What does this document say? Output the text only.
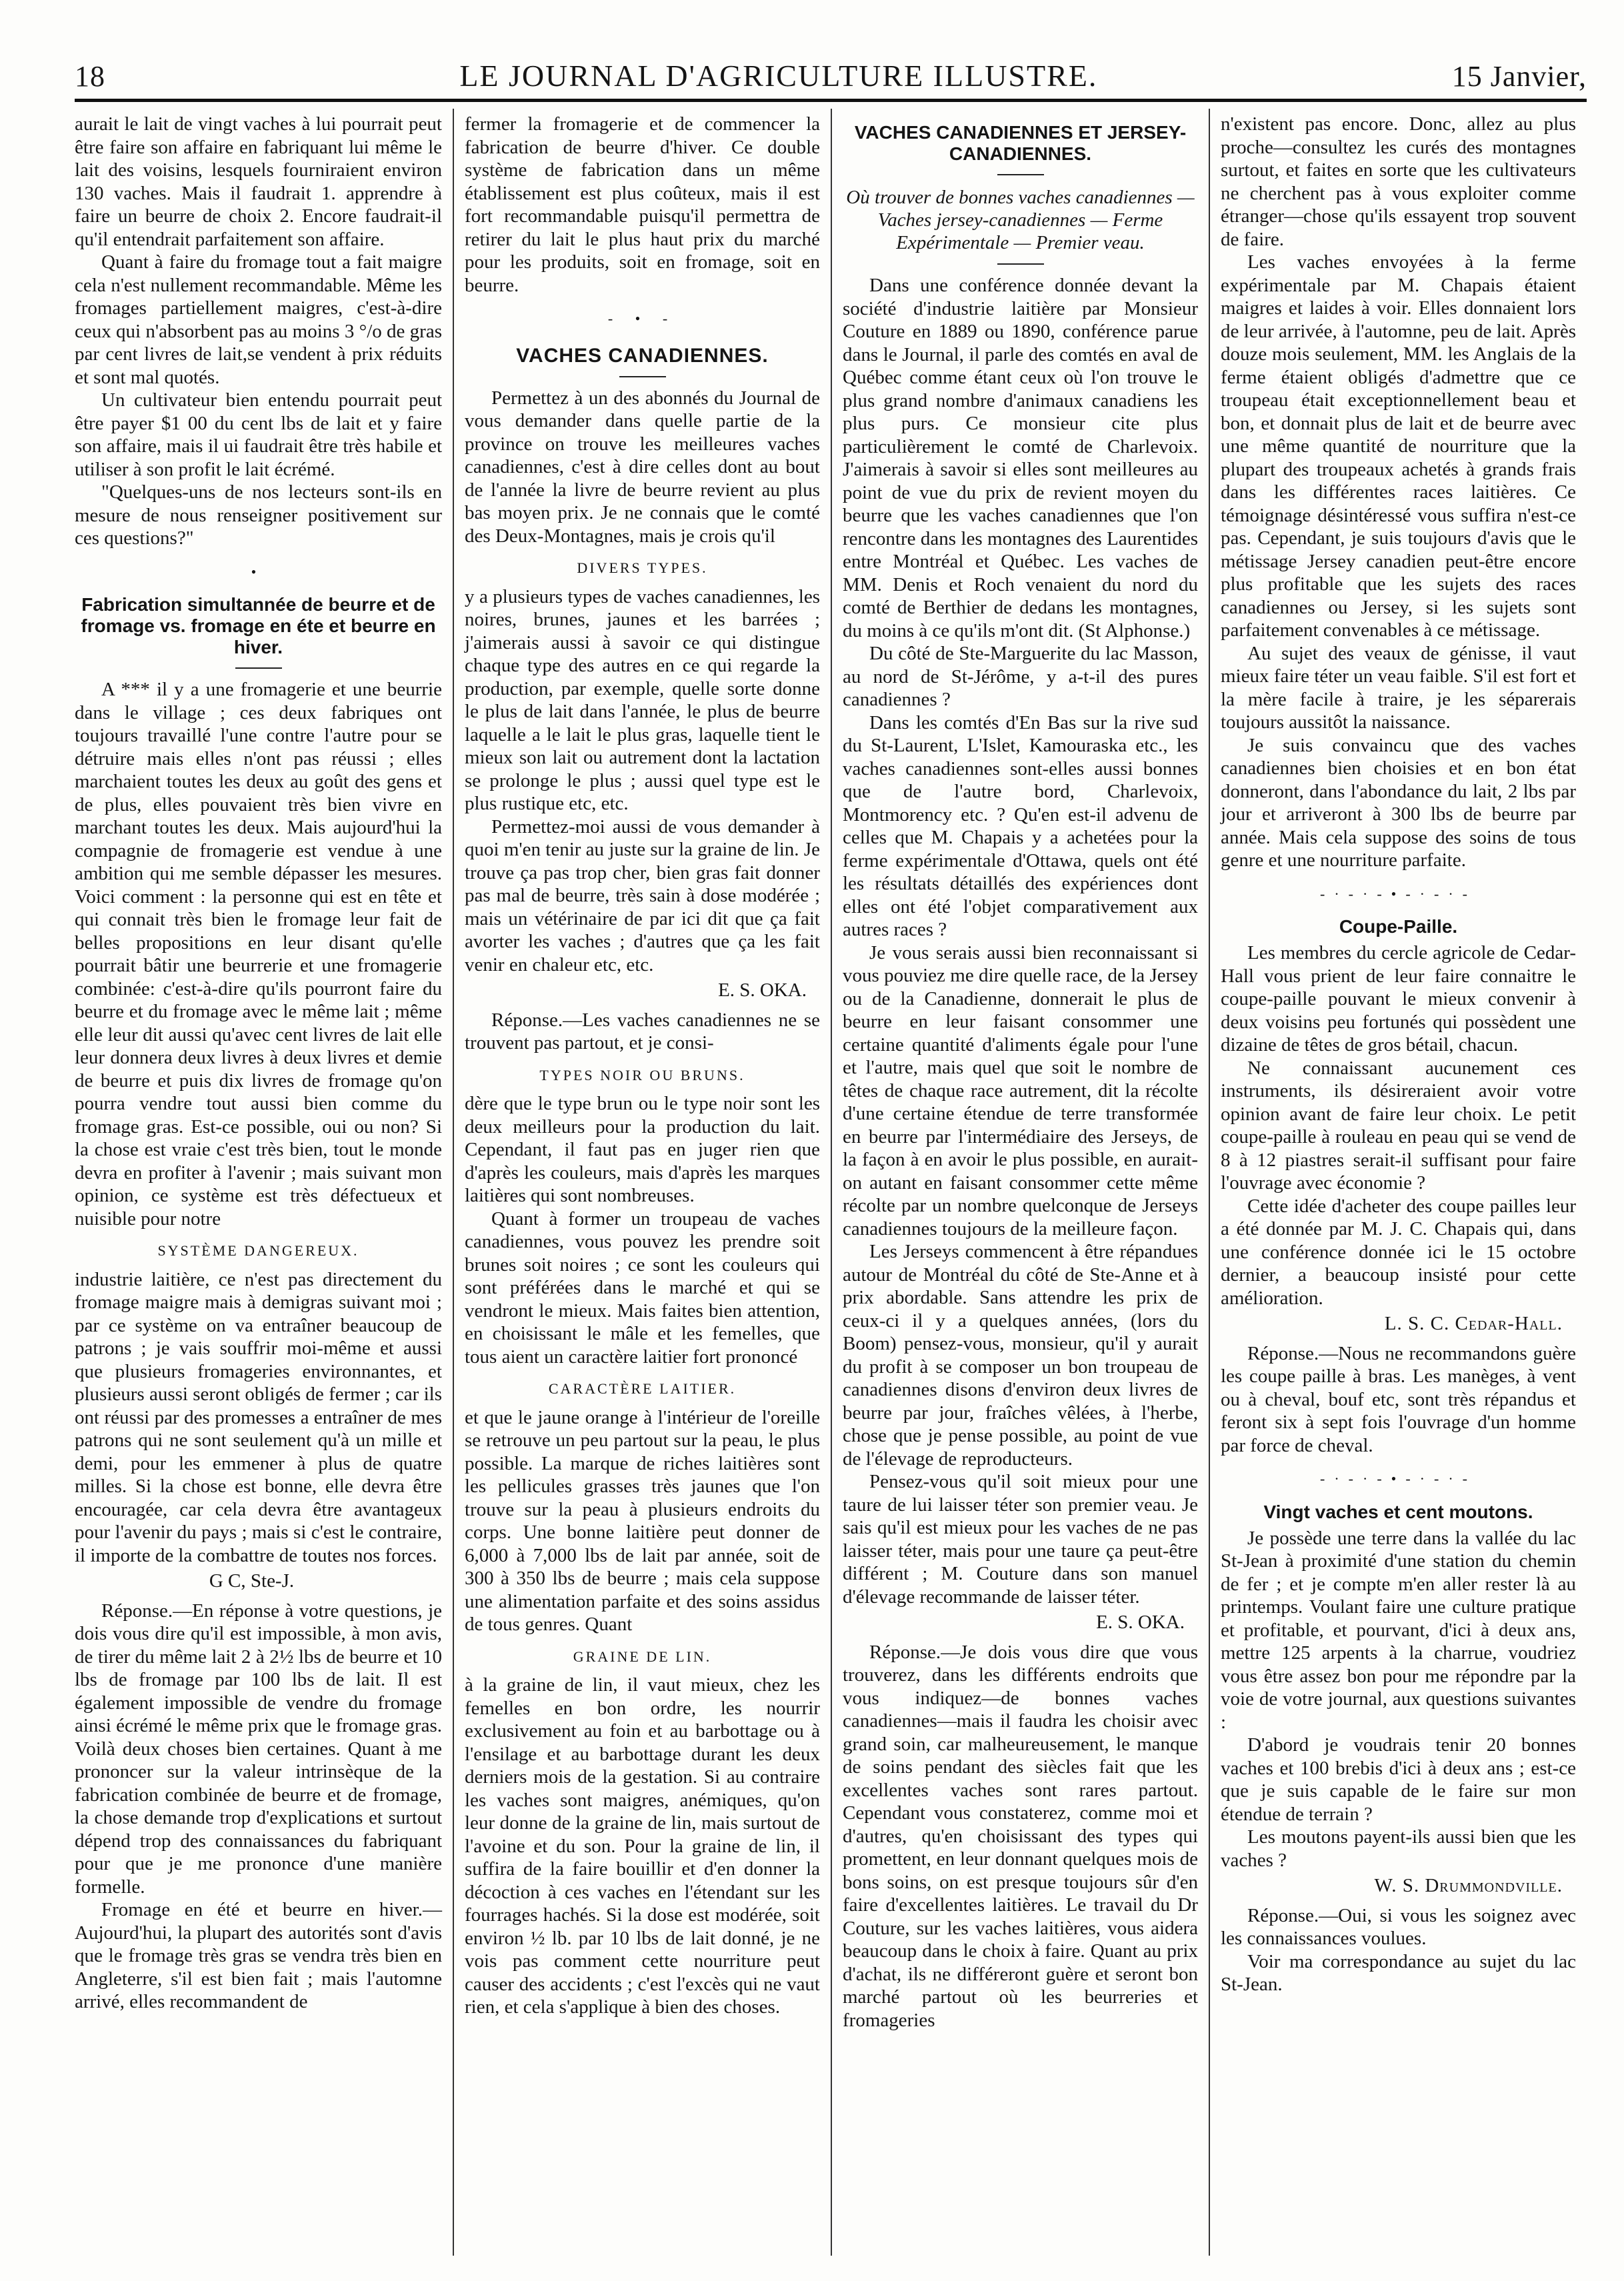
18	LE JOURNAL D'AGRICULTURE ILLUSTRE.	15 Janvier,

aurait le lait de vingt vaches à lui pourrait peut être faire son affaire en fabriquant lui même le lait des voisins, lesquels fourniraient environ 130 vaches. Mais il faudrait 1. apprendre à faire un beurre de choix 2. Encore faudrait-il qu'il entendrait parfaitement son affaire.

Quant à faire du fromage tout a fait maigre cela n'est nullement recommandable. Même les fromages partiellement maigres, c'est-à-dire ceux qui n'absorbent pas au moins 3 °/o de gras par cent livres de lait,se vendent à prix réduits et sont mal quotés.

Un cultivateur bien entendu pourrait peut être payer $1 00 du cent lbs de lait et y faire son affaire, mais il ui faudrait être très habile et utiliser à son profit le lait écrémé.

"Quelques-uns de nos lecteurs sont-ils en mesure de nous renseigner positivement sur ces questions?"

•
Fabrication simultannée de beurre et de fromage vs. fromage en éte et beurre en hiver.

A *** il y a une fromagerie et une beurrie dans le village ; ces deux fabriques ont toujours travaillé l'une contre l'autre pour se détruire mais elles n'ont pas réussi ; elles marchaient toutes les deux au goût des gens et de plus, elles pouvaient très bien vivre en marchant toutes les deux. Mais aujourd'hui la compagnie de fromagerie est vendue à une ambition qui me semble dépasser les mesures. Voici comment : la personne qui est en tête et qui connait très bien le fromage leur fait de belles propositions en leur disant qu'elle pourrait bâtir une beurrerie et une fromagerie combinée: c'est-à-dire qu'ils pourront faire du beurre et du fromage avec le même lait ; même elle leur dit aussi qu'avec cent livres de lait elle leur donnera deux livres à deux livres et demie de beurre et puis dix livres de fromage qu'on pourra vendre tout aussi bien comme du fromage gras. Est-ce possible, oui ou non? Si la chose est vraie c'est très bien, tout le monde devra en profiter à l'avenir ; mais suivant mon opinion, ce système est très défectueux et nuisible pour notre

SYSTÈME DANGEREUX.

industrie laitière, ce n'est pas directement du fromage maigre mais à demigras suivant moi ; par ce système on va entraîner beaucoup de patrons ; je vais souffrir moi-même et aussi que plusieurs fromageries environnantes, et plusieurs aussi seront obligés de fermer ; car ils ont réussi par des promesses a entraîner de mes patrons qui ne sont seulement qu'à un mille et demi, pour les emmener à plus de quatre milles. Si la chose est bonne, elle devra être encouragée, car cela devra être avantageux pour l'avenir du pays ; mais si c'est le contraire, il importe de la combattre de toutes nos forces.

G C, Ste-J.

Réponse.—En réponse à votre questions, je dois vous dire qu'il est impossible, à mon avis, de tirer du même lait 2 à 2½ lbs de beurre et 10 lbs de fromage par 100 lbs de lait. Il est également impossible de vendre du fromage ainsi écrémé le même prix que le fromage gras. Voilà deux choses bien certaines. Quant à me prononcer sur la valeur intrinsèque de la fabrication combinée de beurre et de fromage, la chose demande trop d'explications et surtout dépend trop des connaissances du fabriquant pour que je me prononce d'une manière formelle.

Fromage en été et beurre en hiver.—Aujourd'hui, la plupart des autorités sont d'avis que le fromage très gras se vendra très bien en Angleterre, s'il est bien fait ; mais l'automne arrivé, elles recommandent de

fermer la fromagerie et de commencer la fabrication de beurre d'hiver. Ce double système de fabrication dans un même établissement est plus coûteux, mais il est fort recommandable puisqu'il permettra de retirer du lait le plus haut prix du marché pour les produits, soit en fromage, soit en beurre.

- • -
VACHES CANADIENNES.

Permettez à un des abonnés du Journal de vous demander dans quelle partie de la province on trouve les meilleures vaches canadiennes, c'est à dire celles dont au bout de l'année la livre de beurre revient au plus bas moyen prix. Je ne connais que le comté des Deux-Montagnes, mais je crois qu'il

DIVERS TYPES.

y a plusieurs types de vaches canadiennes, les noires, brunes, jaunes et les barrées ; j'aimerais aussi à savoir ce qui distingue chaque type des autres en ce qui regarde la production, par exemple, quelle sorte donne le plus de lait dans l'année, le plus de beurre laquelle a le lait le plus gras, laquelle tient le mieux son lait ou autrement dont la lactation se prolonge le plus ; aussi quel type est le plus rustique etc, etc.

Permettez-moi aussi de vous demander à quoi m'en tenir au juste sur la graine de lin. Je trouve ça pas trop cher, bien gras fait donner pas mal de beurre, très sain à dose modérée ; mais un vétérinaire de par ici dit que ça fait avorter les vaches ; d'autres que ça les fait venir en chaleur etc, etc.

E. S. OKA.

Réponse.—Les vaches canadiennes ne se trouvent pas partout, et je consi-

TYPES NOIR OU BRUNS.

dère que le type brun ou le type noir sont les deux meilleurs pour la production du lait. Cependant, il faut pas en juger rien que d'après les couleurs, mais d'après les marques laitières qui sont nombreuses.

Quant à former un troupeau de vaches canadiennes, vous pouvez les prendre soit brunes soit noires ; ce sont les couleurs qui sont préférées dans le marché et qui se vendront le mieux. Mais faites bien attention, en choisissant le mâle et les femelles, que tous aient un caractère laitier fort prononcé

CARACTÈRE LAITIER.

et que le jaune orange à l'intérieur de l'oreille se retrouve un peu partout sur la peau, le plus possible. La marque de riches laitières sont les pellicules grasses très jaunes que l'on trouve sur la peau à plusieurs endroits du corps. Une bonne laitière peut donner de 6,000 à 7,000 lbs de lait par année, soit de 300 à 350 lbs de beurre ; mais cela suppose une alimentation parfaite et des soins assidus de tous genres. Quant

GRAINE DE LIN.

à la graine de lin, il vaut mieux, chez les femelles en bon ordre, les nourrir exclusivement au foin et au barbottage ou à l'ensilage et au barbottage durant les deux derniers mois de la gestation. Si au contraire les vaches sont maigres, anémiques, qu'on leur donne de la graine de lin, mais surtout de l'avoine et du son. Pour la graine de lin, il suffira de la faire bouillir et d'en donner la décoction à ces vaches en l'étendant sur les fourrages hachés. Si la dose est modérée, soit environ ½ lb. par 10 lbs de lait donné, je ne vois pas comment cette nourriture peut causer des accidents ; c'est l'excès qui ne vaut rien, et cela s'applique à bien des choses.

VACHES CANADIENNES ET JERSEY-CANADIENNES.
Où trouver de bonnes vaches canadiennes — Vaches jersey-canadiennes — Ferme Expérimentale — Premier veau.

Dans une conférence donnée devant la société d'industrie laitière par Monsieur Couture en 1889 ou 1890, conférence parue dans le Journal, il parle des comtés en aval de Québec comme étant ceux où l'on trouve le plus grand nombre d'animaux canadiens les plus purs. Ce monsieur cite plus particulièrement le comté de Charlevoix. J'aimerais à savoir si elles sont meilleures au point de vue du prix de revient moyen du beurre que les vaches canadiennes que l'on rencontre dans les montagnes des Laurentides entre Montréal et Québec. Les vaches de MM. Denis et Roch venaient du nord du comté de Berthier de dedans les montagnes, du moins à ce qu'ils m'ont dit. (St Alphonse.)

Du côté de Ste-Marguerite du lac Masson, au nord de St-Jérôme, y a-t-il des pures canadiennes ?

Dans les comtés d'En Bas sur la rive sud du St-Laurent, L'Islet, Kamouraska etc., les vaches canadiennes sont-elles aussi bonnes que de l'autre bord, Charlevoix, Montmorency etc. ? Qu'en est-il advenu de celles que M. Chapais y a achetées pour la ferme expérimentale d'Ottawa, quels ont été les résultats détaillés des expériences dont elles ont été l'objet comparativement aux autres races ?

Je vous serais aussi bien reconnaissant si vous pouviez me dire quelle race, de la Jersey ou de la Canadienne, donnerait le plus de beurre en leur faisant consommer une certaine quantité d'aliments égale pour l'une et l'autre, mais quel que soit le nombre de têtes de chaque race autrement, dit la récolte d'une certaine étendue de terre transformée en beurre par l'intermédiaire des Jerseys, de la façon à en avoir le plus possible, en aurait-on autant en faisant consommer cette même récolte par un nombre quelconque de Jerseys canadiennes toujours de la meilleure façon.

Les Jerseys commencent à être répandues autour de Montréal du côté de Ste-Anne et à prix abordable. Sans attendre les prix de ceux-ci il y a quelques années, (lors du Boom) pensez-vous, monsieur, qu'il y aurait du profit à se composer un bon troupeau de canadiennes disons d'environ deux livres de beurre par jour, fraîches vêlées, à l'herbe, chose que je pense possible, au point de vue de l'élevage de reproducteurs.

Pensez-vous qu'il soit mieux pour une taure de lui laisser téter son premier veau. Je sais qu'il est mieux pour les vaches de ne pas laisser téter, mais pour une taure ça peut-être différent ; M. Couture dans son manuel d'élevage recommande de laisser téter.

E. S. OKA.

Réponse.—Je dois vous dire que vous trouverez, dans les différents endroits que vous indiquez—de bonnes vaches canadiennes—mais il faudra les choisir avec grand soin, car malheureusement, le manque de soins pendant des siècles fait que les excellentes vaches sont rares partout. Cependant vous constaterez, comme moi et d'autres, qu'en choisissant des types qui promettent, en leur donnant quelques mois de bons soins, on est presque toujours sûr d'en faire d'excellentes laitières. Le travail du Dr Couture, sur les vaches laitières, vous aidera beaucoup dans le choix à faire. Quant au prix d'achat, ils ne différeront guère et seront bon marché partout où les beurreries et fromageries

n'existent pas encore. Donc, allez au plus proche—consultez les curés des montagnes surtout, et faites en sorte que les cultivateurs ne cherchent pas à vous exploiter comme étranger—chose qu'ils essayent trop souvent de faire.

Les vaches envoyées à la ferme expérimentale par M. Chapais étaient maigres et laides à voir. Elles donnaient lors de leur arrivée, à l'automne, peu de lait. Après douze mois seulement, MM. les Anglais de la ferme étaient obligés d'admettre que ce troupeau était exceptionnellement beau et bon, et donnait plus de lait et de beurre avec une même quantité de nourriture que la plupart des troupeaux achetés à grands frais dans les différentes races laitières. Ce témoignage désintéressé vous suffira n'est-ce pas. Cependant, je suis toujours d'avis que le métissage Jersey canadien peut-être encore plus profitable que les sujets des races canadiennes ou Jersey, si les sujets sont parfaitement convenables à ce métissage.

Au sujet des veaux de génisse, il vaut mieux faire téter un veau faible. S'il est fort et la mère facile à traire, je les séparerais toujours aussitôt la naissance.

Je suis convaincu que des vaches canadiennes bien choisies et en bon état donneront, dans l'abondance du lait, 2 lbs par jour et arriveront à 300 lbs de beurre par année. Mais cela suppose des soins de tous genre et une nourriture parfaite.

-·-·-•-·-·-
Coupe-Paille.

Les membres du cercle agricole de Cedar-Hall vous prient de leur faire connaitre le coupe-paille pouvant le mieux convenir à deux voisins peu fortunés qui possèdent une dizaine de têtes de gros bétail, chacun.

Ne connaissant aucunement ces instruments, ils désireraient avoir votre opinion avant de faire leur choix. Le petit coupe-paille à rouleau en peau qui se vend de 8 à 12 piastres serait-il suffisant pour faire l'ouvrage avec économie ?

Cette idée d'acheter des coupe pailles leur a été donnée par M. J. C. Chapais qui, dans une conférence donnée ici le 15 octobre dernier, a beaucoup insisté pour cette amélioration.

L. S. C. Cedar-Hall.

Réponse.—Nous ne recommandons guère les coupe paille à bras. Les manèges, à vent ou à cheval, bouf etc, sont très répandus et feront six à sept fois l'ouvrage d'un homme par force de cheval.

-·-·-•-·-·-
Vingt vaches et cent moutons.

Je possède une terre dans la vallée du lac St-Jean à proximité d'une station du chemin de fer ; et je compte m'en aller rester là au printemps. Voulant faire une culture pratique et profitable, et pourvant, d'ici à deux ans, mettre 125 arpents à la charrue, voudriez vous être assez bon pour me répondre par la voie de votre journal, aux questions suivantes :

D'abord je voudrais tenir 20 bonnes vaches et 100 brebis d'ici à deux ans ; est-ce que je suis capable de le faire sur mon étendue de terrain ?

Les moutons payent-ils aussi bien que les vaches ?

W. S. Drummondville.

Réponse.—Oui, si vous les soignez avec les connaissances voulues.

Voir ma correspondance au sujet du lac St-Jean.
